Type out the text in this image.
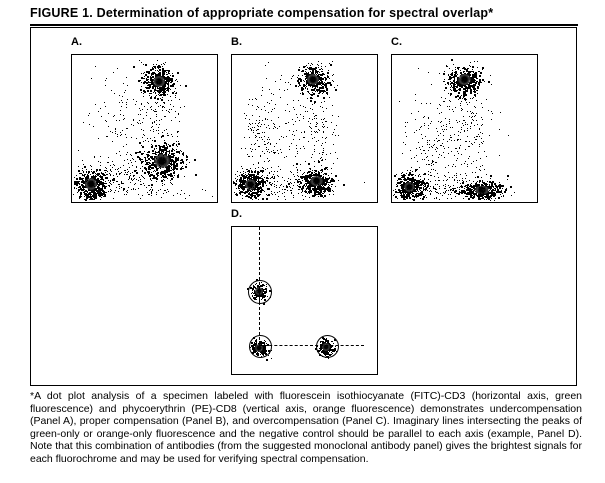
FIGURE 1. Determination of appropriate compensation for spectral overlap*
A.	B.	C.
D.
*A dot plot analysis of a specimen labeled with fluorescein isothiocyanate (FITC)-CD3 (horizontal axis, green fluorescence) and phycoerythrin (PE)-CD8 (vertical axis, orange fluorescence) demonstrates undercompensation (Panel A), proper compensation (Panel B), and overcompensation (Panel C). Imaginary lines intersecting the peaks of green-only or orange-only fluorescence and the negative control should be parallel to each axis (example, Panel D). Note that this combination of antibodies (from the suggested monoclonal antibody panel) gives the brightest signals for each fluorochrome and may be used for verifying spectral compensation.
